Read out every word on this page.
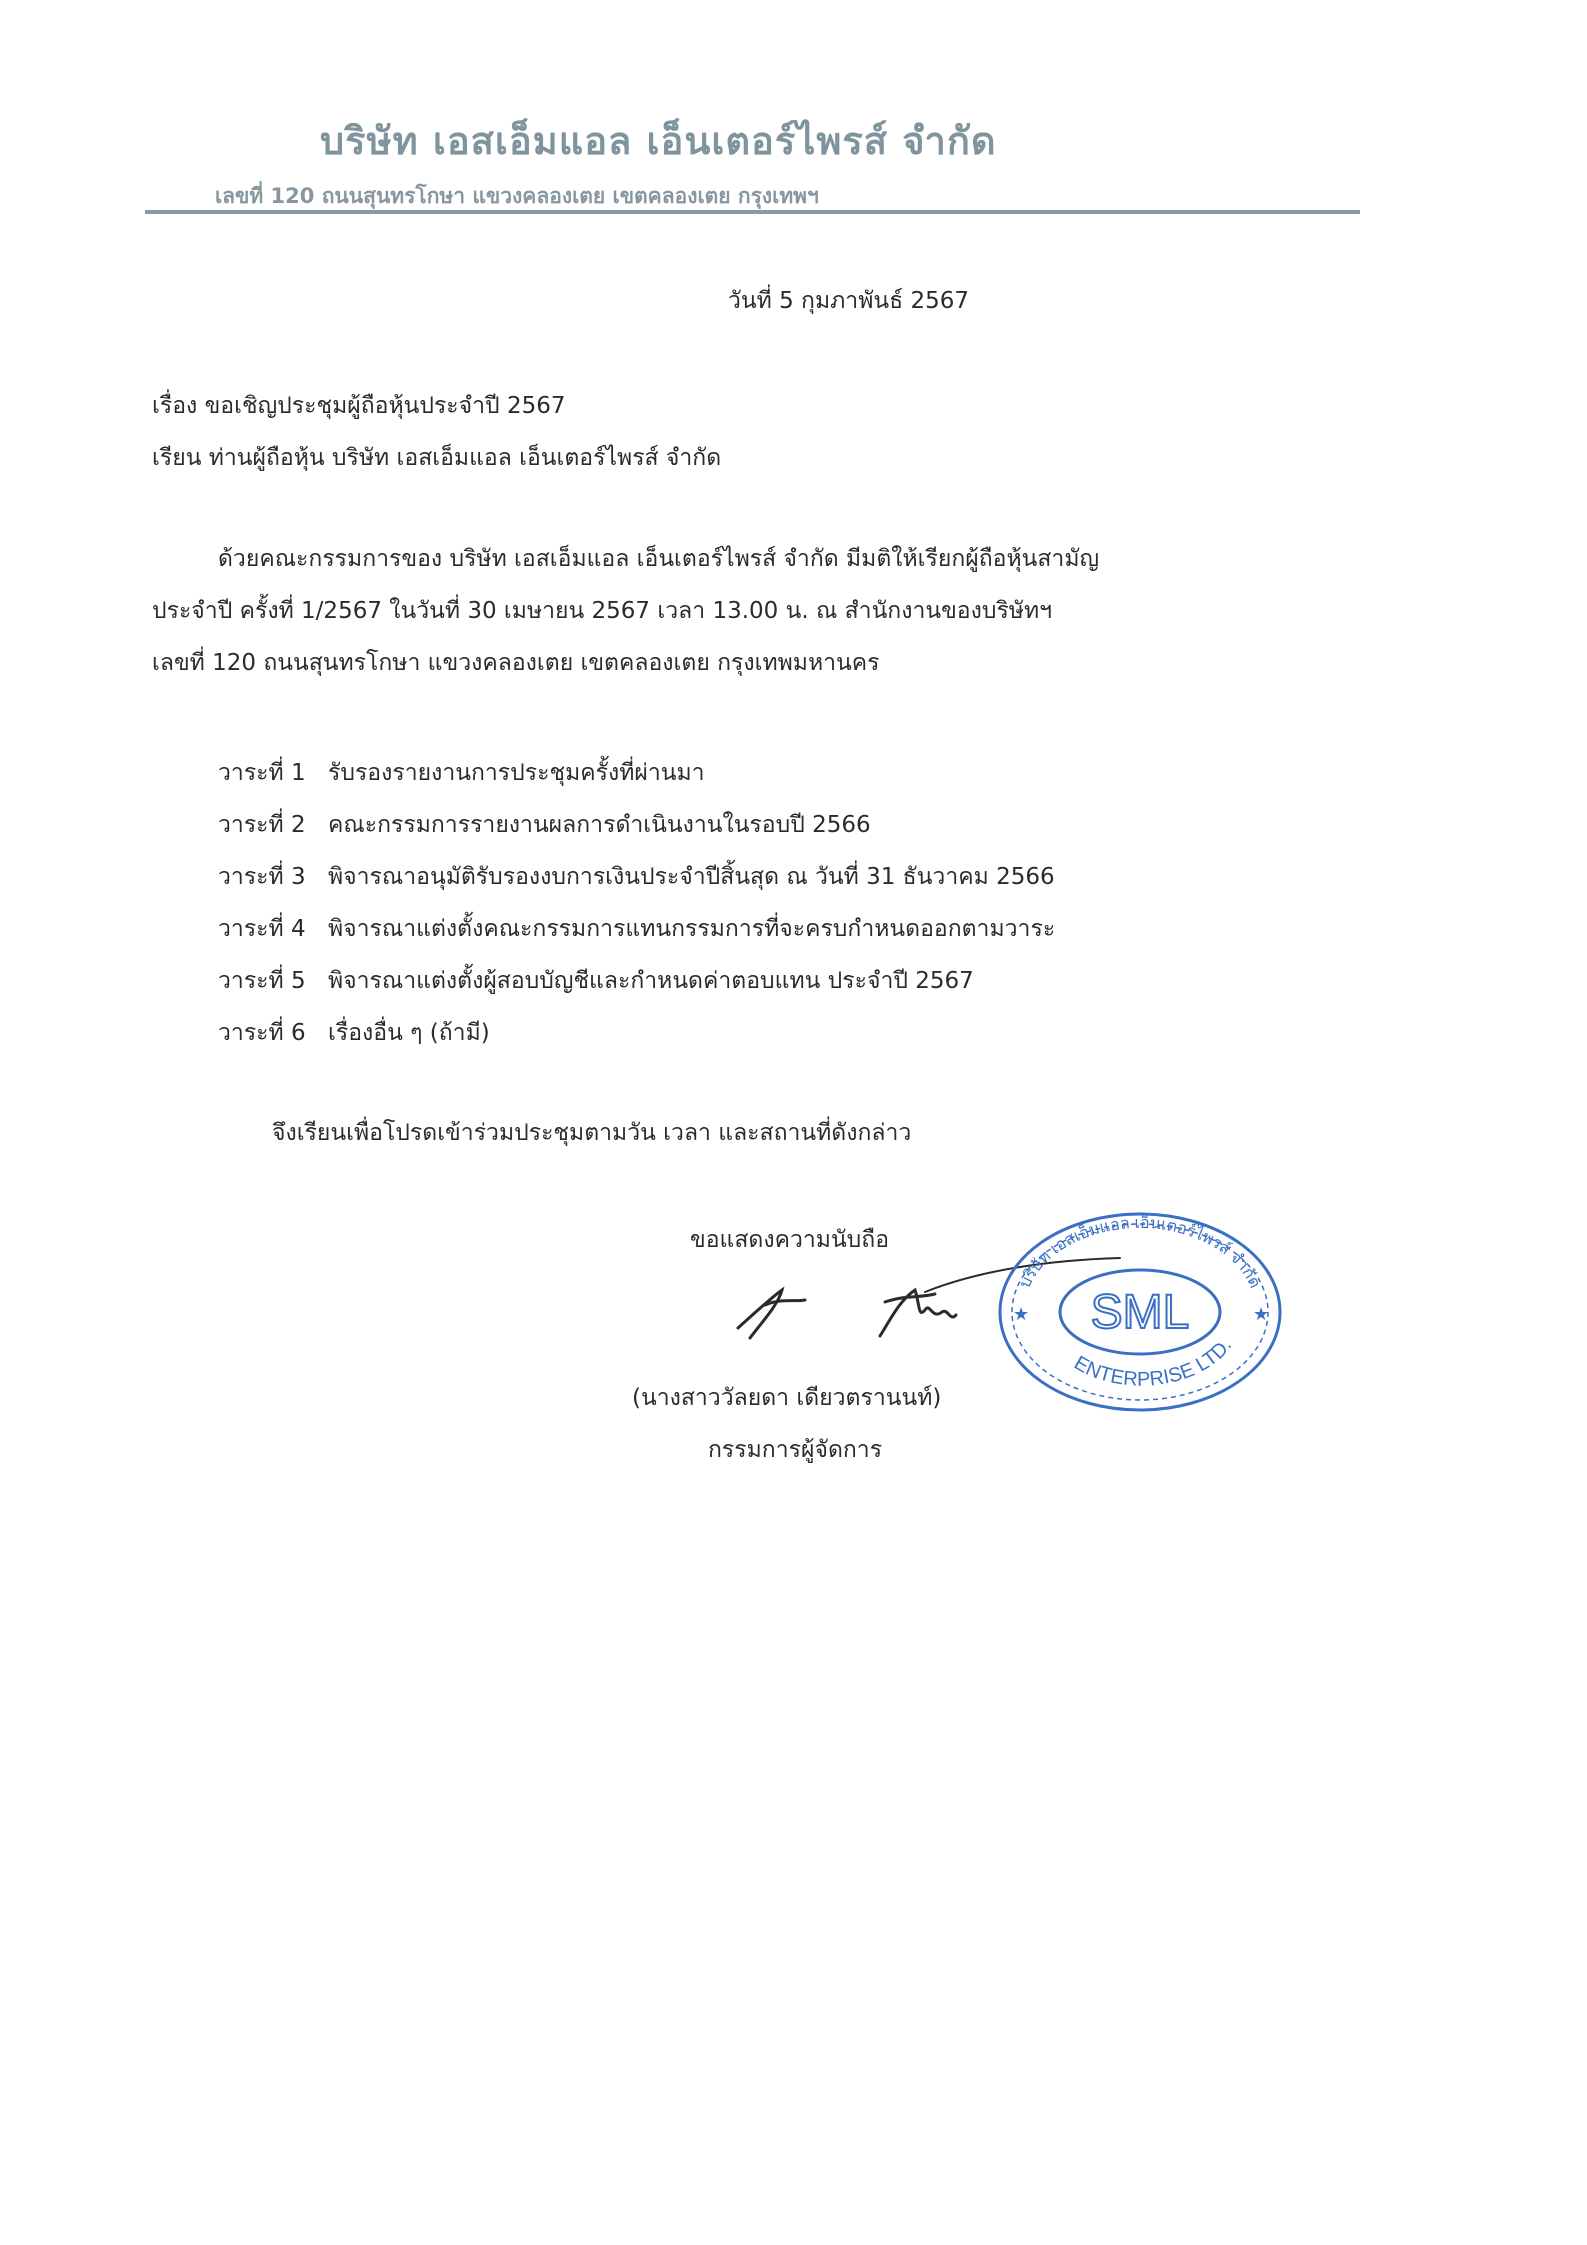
บริษัท เอสเอ็มแอล เอ็นเตอร์ไพรส์ จำกัด
เลขที่ 120 ถนนสุนทรโกษา แขวงคลองเตย เขตคลองเตย กรุงเทพฯ
วันที่ 5 กุมภาพันธ์ 2567
เรื่อง ขอเชิญประชุมผู้ถือหุ้นประจำปี 2567
เรียน ท่านผู้ถือหุ้น บริษัท เอสเอ็มแอล เอ็นเตอร์ไพรส์ จำกัด
ด้วยคณะกรรมการของ บริษัท เอสเอ็มแอล เอ็นเตอร์ไพรส์ จำกัด มีมติให้เรียกผู้ถือหุ้นสามัญ
ประจำปี ครั้งที่ 1/2567 ในวันที่ 30 เมษายน 2567 เวลา 13.00 น. ณ สำนักงานของบริษัทฯ
เลขที่ 120 ถนนสุนทรโกษา แขวงคลองเตย เขตคลองเตย กรุงเทพมหานคร
วาระที่ 1 รับรองรายงานการประชุมครั้งที่ผ่านมา
วาระที่ 2 คณะกรรมการรายงานผลการดำเนินงานในรอบปี 2566
วาระที่ 3 พิจารณาอนุมัติรับรองงบการเงินประจำปีสิ้นสุด ณ วันที่ 31 ธันวาคม 2566
วาระที่ 4 พิจารณาแต่งตั้งคณะกรรมการแทนกรรมการที่จะครบกำหนดออกตามวาระ
วาระที่ 5 พิจารณาแต่งตั้งผู้สอบบัญชีและกำหนดค่าตอบแทน ประจำปี 2567
วาระที่ 6 เรื่องอื่น ๆ (ถ้ามี)
จึงเรียนเพื่อโปรดเข้าร่วมประชุมตามวัน เวลา และสถานที่ดังกล่าว
ขอแสดงความนับถือ
SML
บริษัท เอสเอ็มแอล เอ็นเตอร์ไพรส์ จำกัด
ENTERPRISE LTD.
★	★
(นางสาววัลยดา เดียวตรานนท์)
กรรมการผู้จัดการ
